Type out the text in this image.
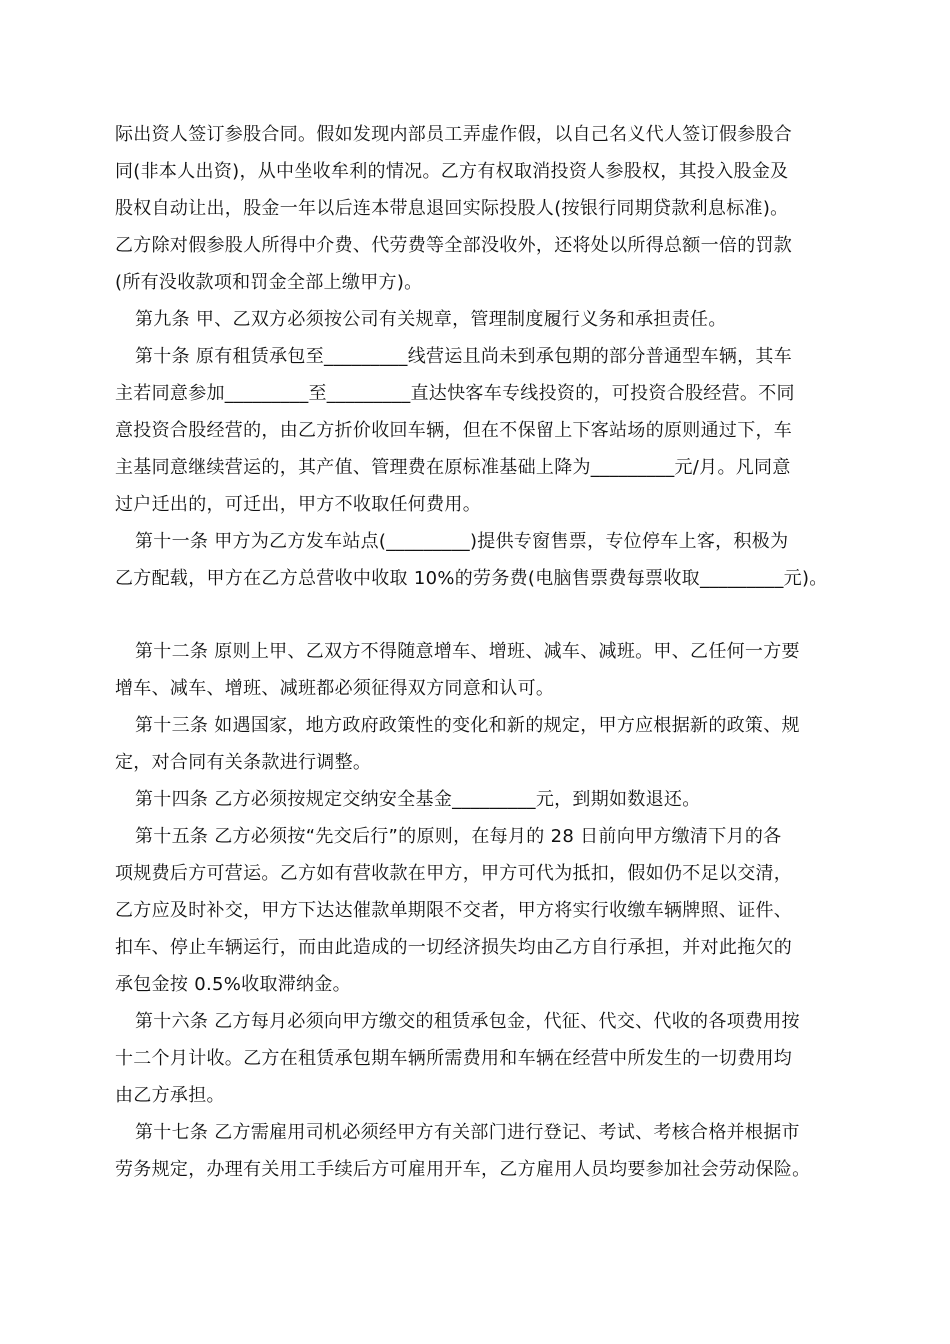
际出资人签订参股合同。假如发现内部员工弄虚作假，以自己名义代人签订假参股合
同(非本人出资)，从中坐收牟利的情况。乙方有权取消投资人参股权，其投入股金及
股权自动让出，股金一年以后连本带息退回实际投股人(按银行同期贷款利息标准)。
乙方除对假参股人所得中介费、代劳费等全部没收外，还将处以所得总额一倍的罚款
(所有没收款项和罚金全部上缴甲方)。
第九条 甲、乙双方必须按公司有关规章，管理制度履行义务和承担责任。
第十条 原有租赁承包至_________线营运且尚未到承包期的部分普通型车辆，其车
主若同意参加_________至_________直达快客车专线投资的，可投资合股经营。不同
意投资合股经营的，由乙方折价收回车辆，但在不保留上下客站场的原则通过下，车
主基同意继续营运的，其产值、管理费在原标准基础上降为_________元/月。凡同意
过户迁出的，可迁出，甲方不收取任何费用。
第十一条 甲方为乙方发车站点(_________)提供专窗售票，专位停车上客，积极为
乙方配载，甲方在乙方总营收中收取 10%的劳务费(电脑售票费每票收取_________元)。
第十二条 原则上甲、乙双方不得随意增车、增班、减车、减班。甲、乙任何一方要
增车、减车、增班、减班都必须征得双方同意和认可。
第十三条 如遇国家，地方政府政策性的变化和新的规定，甲方应根据新的政策、规
定，对合同有关条款进行调整。
第十四条 乙方必须按规定交纳安全基金_________元，到期如数退还。
第十五条 乙方必须按“先交后行”的原则，在每月的 28 日前向甲方缴清下月的各
项规费后方可营运。乙方如有营收款在甲方，甲方可代为抵扣，假如仍不足以交清，
乙方应及时补交，甲方下达达催款单期限不交者，甲方将实行收缴车辆牌照、证件、
扣车、停止车辆运行，而由此造成的一切经济损失均由乙方自行承担，并对此拖欠的
承包金按 0.5%收取滞纳金。
第十六条 乙方每月必须向甲方缴交的租赁承包金，代征、代交、代收的各项费用按
十二个月计收。乙方在租赁承包期车辆所需费用和车辆在经营中所发生的一切费用均
由乙方承担。
第十七条 乙方需雇用司机必须经甲方有关部门进行登记、考试、考核合格并根据市
劳务规定，办理有关用工手续后方可雇用开车，乙方雇用人员均要参加社会劳动保险。
